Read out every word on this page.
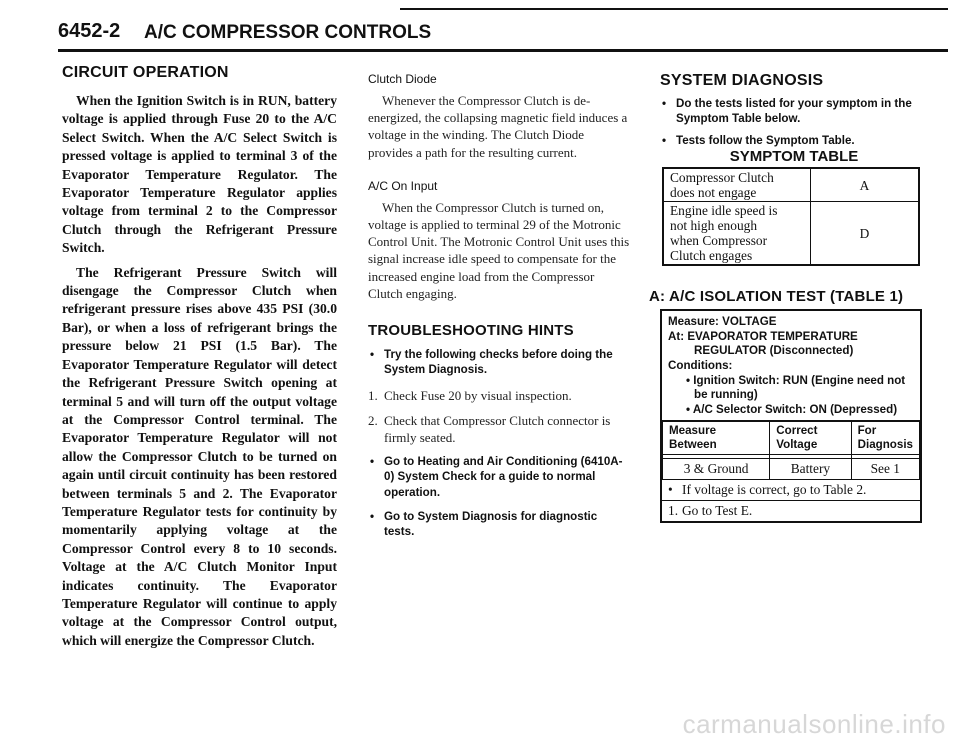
6452-2 A/C COMPRESSOR CONTROLS
CIRCUIT OPERATION

When the Ignition Switch is in RUN, battery voltage is applied through Fuse 20 to the A/C Select Switch. When the A/C Select Switch is pressed voltage is applied to terminal 3 of the Evaporator Temperature Regulator. The Evaporator Temperature Regulator applies voltage from terminal 2 to the Compressor Clutch through the Refrigerant Pressure Switch.

The Refrigerant Pressure Switch will disengage the Compressor Clutch when refrigerant pressure rises above 435 PSI (30.0 Bar), or when a loss of refrigerant brings the pressure below 21 PSI (1.5 Bar). The Evaporator Temperature Regulator will detect the Refrigerant Pressure Switch opening at terminal 5 and will turn off the output voltage at the Compressor Control terminal. The Evaporator Temperature Regulator will not allow the Compressor Clutch to be turned on again until circuit continuity has been restored between terminals 5 and 2. The Evaporator Temperature Regulator tests for continuity by momentarily applying voltage at the Compressor Control every 8 to 10 seconds. Voltage at the A/C Clutch Monitor Input indicates continuity. The Evaporator Temperature Regulator will continue to apply voltage at the Compressor Control output, which will energize the Compressor Clutch.

Clutch Diode

Whenever the Compressor Clutch is de-energized, the collapsing magnetic field induces a voltage in the winding. The Clutch Diode provides a path for the resulting current.

A/C On Input

When the Compressor Clutch is turned on, voltage is applied to terminal 29 of the Motronic Control Unit. The Motronic Control Unit uses this signal increase idle speed to compensate for the increased engine load from the Compressor Clutch engaging.

TROUBLESHOOTING HINTS
• Try the following checks before doing the System Diagnosis.
1. Check Fuse 20 by visual inspection.
2. Check that Compressor Clutch connector is firmly seated.
• Go to Heating and Air Conditioning (6410A-0) System Check for a guide to normal operation.
• Go to System Diagnosis for diagnostic tests.
SYSTEM DIAGNOSIS
• Do the tests listed for your symptom in the Symptom Table below.
• Tests follow the Symptom Table.
SYMPTOM TABLE
Compressor Clutch
does not engage	A

Engine idle speed is
not high enough
when Compressor
Clutch engages	D
A: A/C ISOLATION TEST (TABLE 1)
Measure: VOLTAGE
At: EVAPORATOR TEMPERATURE
REGULATOR (Disconnected)
Conditions:
• Ignition Switch: RUN (Engine need not
be running)
• A/C Selector Switch: ON (Depressed)
Measure Between	Correct Voltage	For Diagnosis

3 & Ground	Battery	See 1
• If voltage is correct, go to Table 2.
1. Go to Test E.
carmanualsonline.info
